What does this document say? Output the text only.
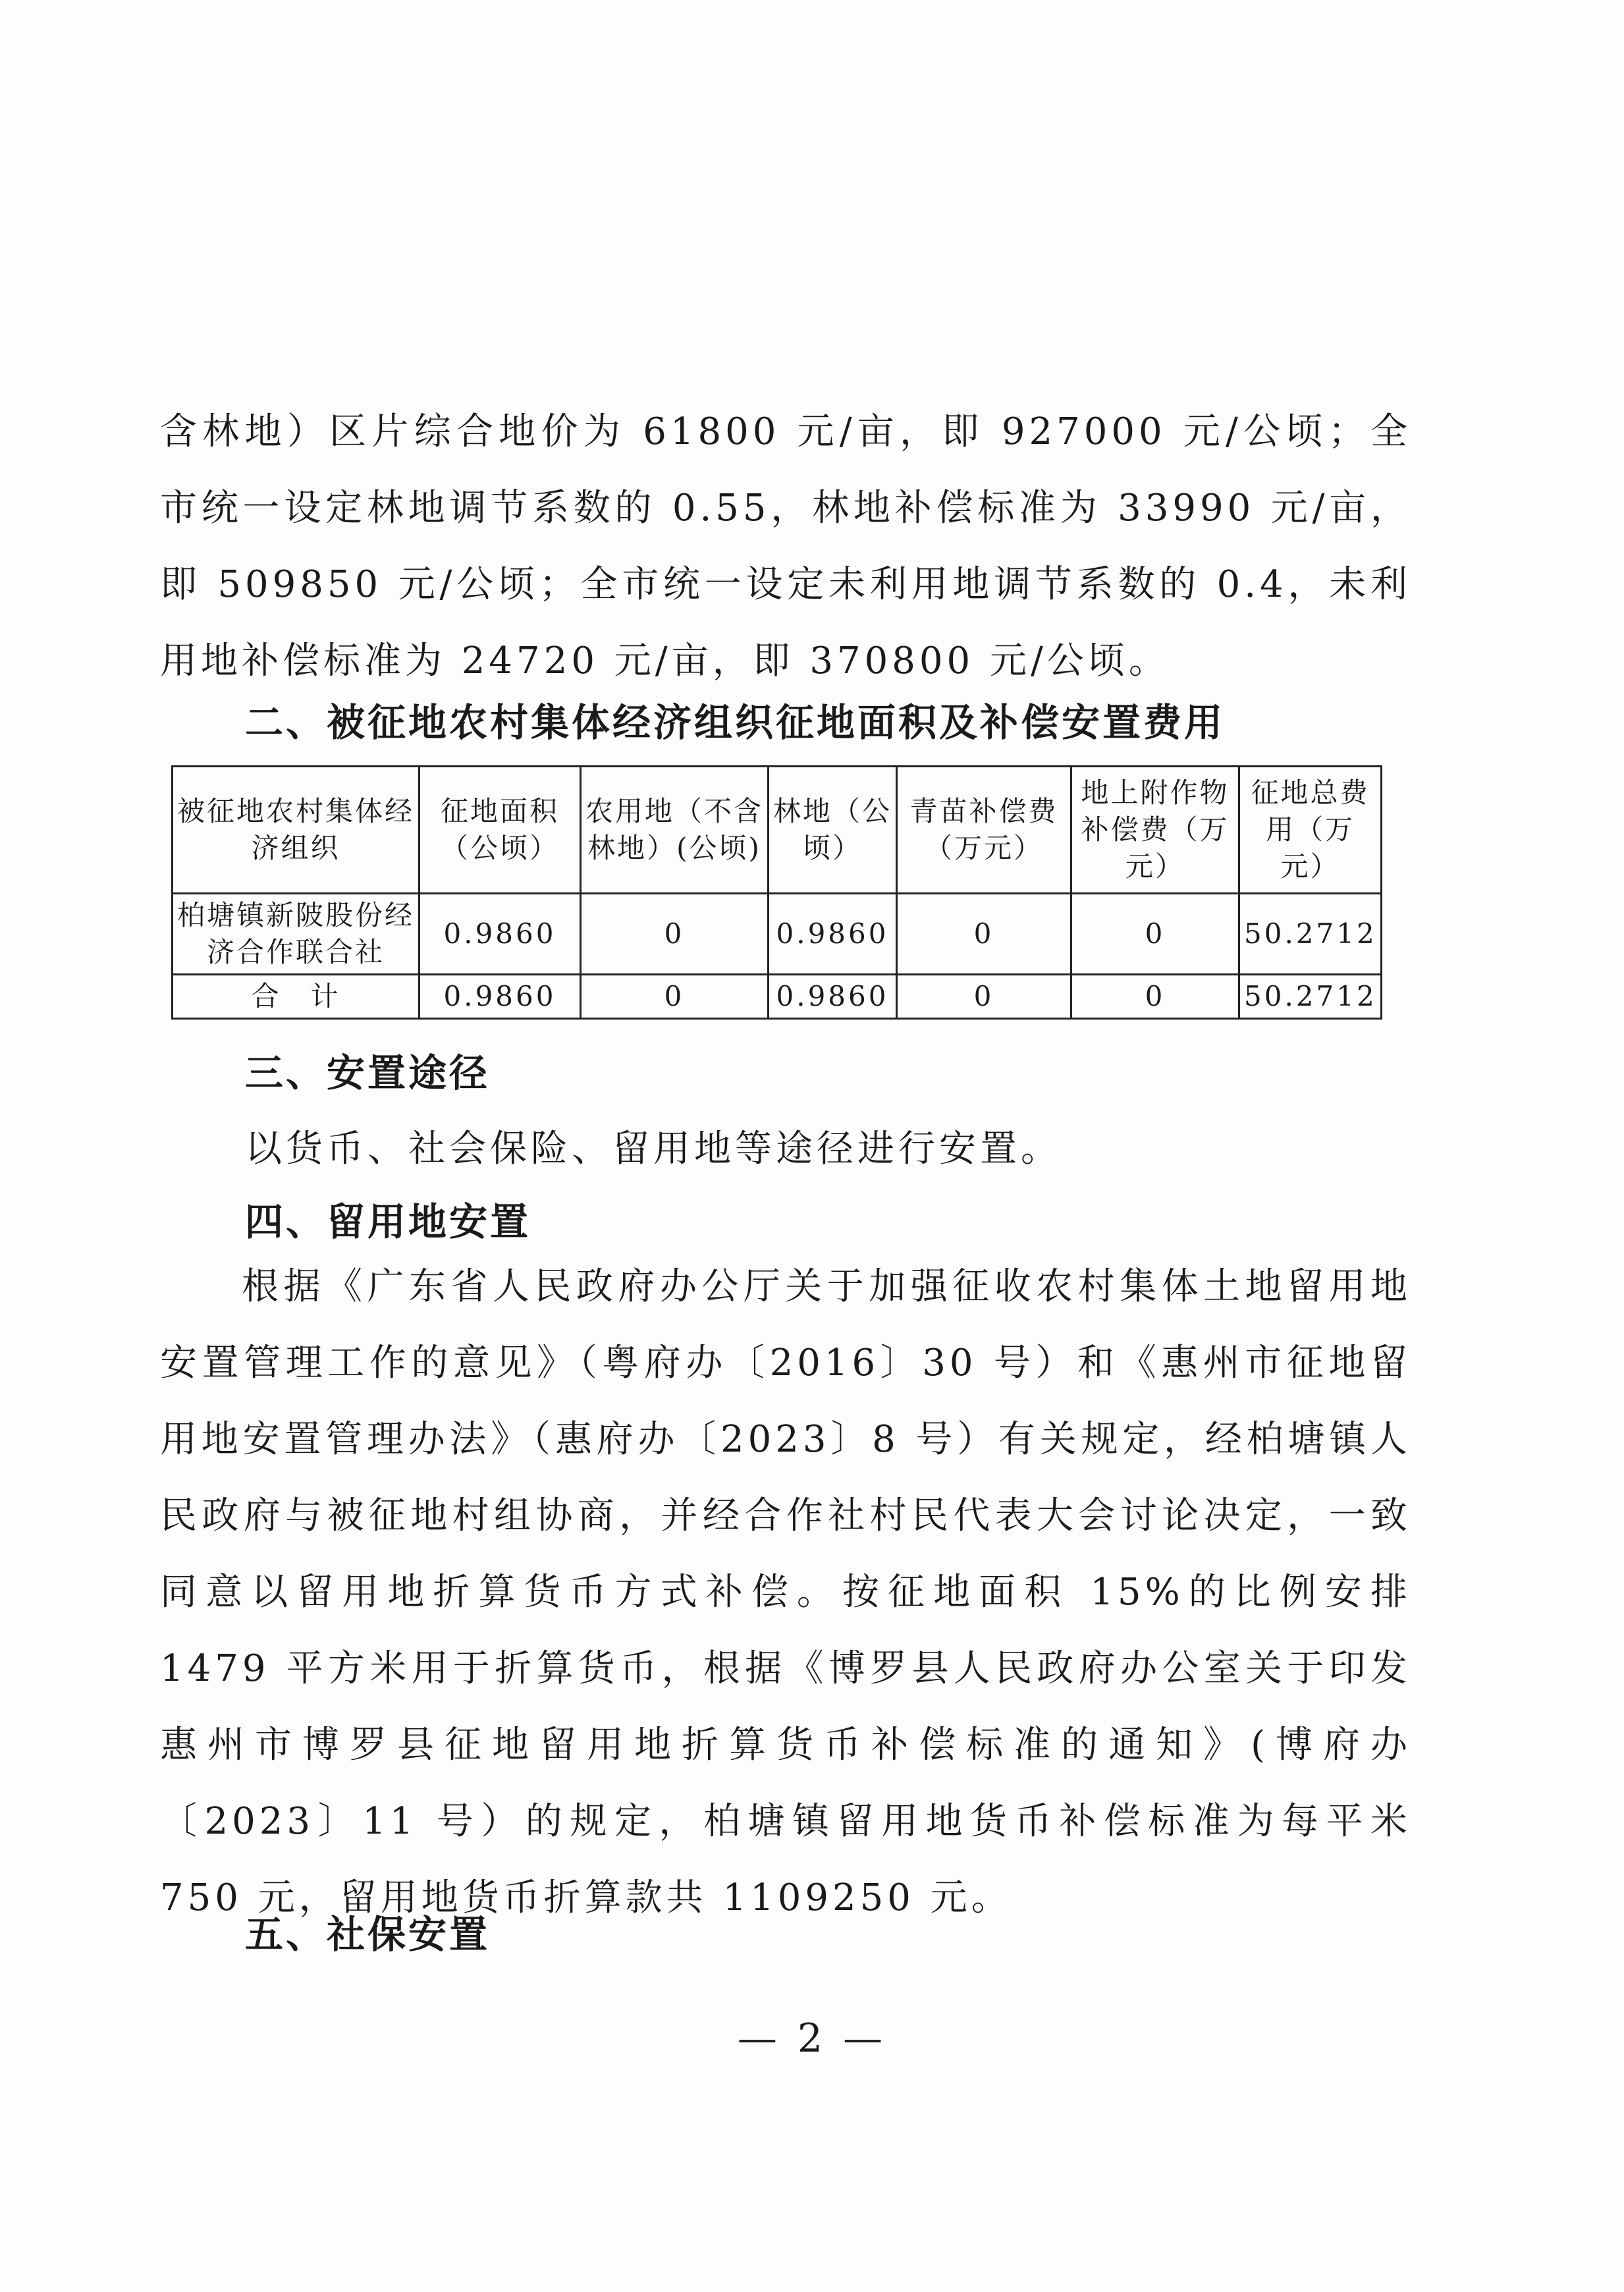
含林地）区片综合地价为 61800 元/亩，即 927000 元/公顷；全市统一设定林地调节系数的 0.55，林地补偿标准为 33990 元/亩，即 509850 元/公顷；全市统一设定未利用地调节系数的 0.4，未利用地补偿标准为 24720 元/亩，即 370800 元/公顷。

二、被征地农村集体经济组织征地面积及补偿安置费用

被征地农村集体经济组织	征地面积（公顷）	农用地（不含林地）(公顷)	林地（公顷）	青苗补偿费（万元）	地上附作物补偿费（万元）	征地总费用（万元）
柏塘镇新陂股份经济合作联合社	0.9860	0	0.9860	0	0	50.2712
合　计	0.9860	0	0.9860	0	0	50.2712

三、安置途径

以货币、社会保险、留用地等途径进行安置。

四、留用地安置

根据《广东省人民政府办公厅关于加强征收农村集体土地留用地安置管理工作的意见》（粤府办〔2016〕30 号）和《惠州市征地留用地安置管理办法》（惠府办〔2023〕8 号）有关规定，经柏塘镇人民政府与被征地村组协商，并经合作社村民代表大会讨论决定，一致同意以留用地折算货币方式补偿。按征地面积 15%的比例安排 1479 平方米用于折算货币，根据《博罗县人民政府办公室关于印发惠州市博罗县征地留用地折算货币补偿标准的通知》(博府办〔2023〕11 号）的规定，柏塘镇留用地货币补偿标准为每平米 750 元，留用地货币折算款共 1109250 元。

五、社保安置

— 2 —
